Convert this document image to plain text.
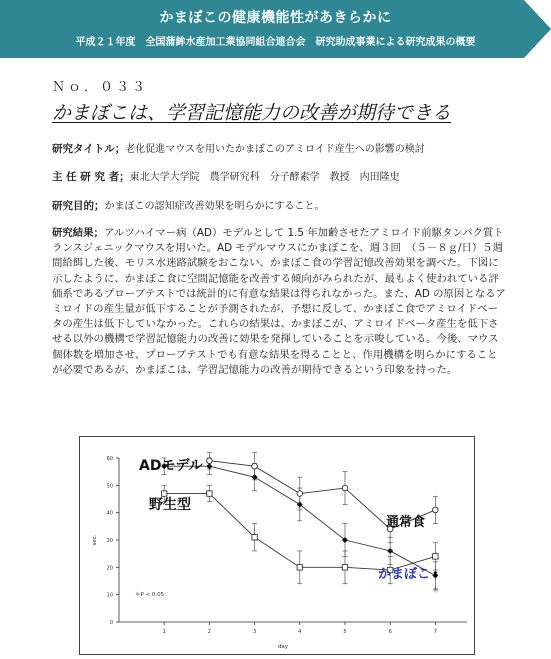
かまぼこの健康機能性があきらかに
平成２１年度　全国蒲鉾水産加工業協同組合連合会　研究助成事業による研究成果の概要
Ｎｏ．０３３
かまぼこは、学習記憶能力の改善が期待できる
研究タイトル；老化促進マウスを用いたかまぼこのアミロイド産生への影響の検討
主 任 研 究 者；東北大学大学院　農学研究科　分子酵素学　教授　内田隆史
研究目的；かまぼこの認知症改善効果を明らかにすること。
研究結果；アルツハイマー病（AD）モデルとして 1.5 年加齢させたアミロイド前駆タンパク質トランスジェニックマウスを用いた。AD モデルマウスにかまぼこを、週３回　（５－８ｇ/日）５週間給餌した後、モリス水迷路試験をおこない、かまぼこ食の学習記憶改善効果を調べた。下図に示したように、かまぼこ食に空間記憶能を改善する傾向がみられたが、最もよく使われている評価系であるプローブテストでは統計的に有意な結果は得られなかった。また、AD の原因となるアミロイドの産生量が低下することが予測されたが、予想に反して、かまぼこ食でアミロイドベータの産生は低下していなかった。これらの結果は、かまぼこが、アミロイドベータ産生を低下させる以外の機構で学習記憶能力の改善に効果を発揮していることを示唆している。今後、マウス個体数を増加させ、プローブテストでも有意な結果を得ることと、作用機構を明らかにすることが必要であるが、かまぼこは、学習記憶能力の改善が期待できるという印象を持った。
0
10
20
30
40
50
60
1	2	3	4	5	6	7
day
sec.
ADモデル
野生型
通常食
かまぼこ
＊P < 0.05
＊
